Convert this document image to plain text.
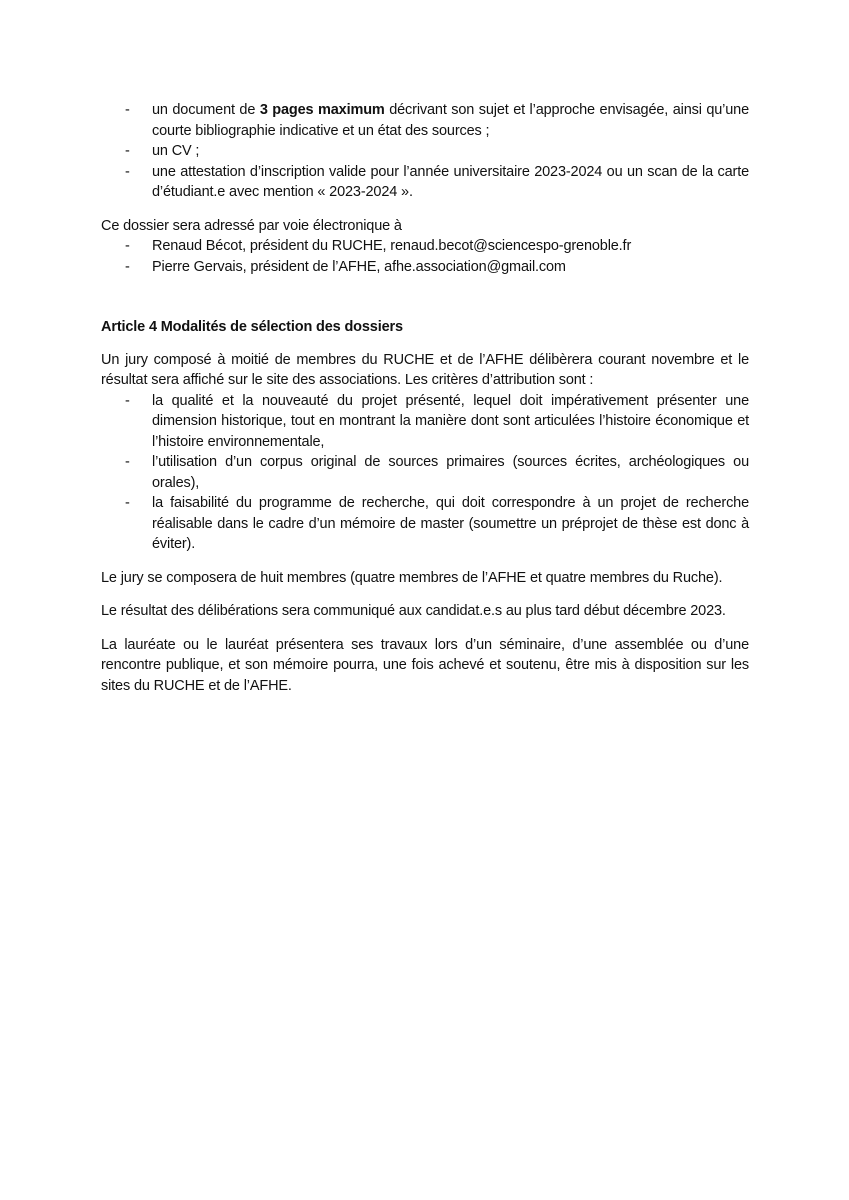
- un document de 3 pages maximum décrivant son sujet et l’approche envisagée, ainsi qu’une courte bibliographie indicative et un état des sources ;
- un CV ;
- une attestation d’inscription valide pour l’année universitaire 2023-2024 ou un scan de la carte d’étudiant.e avec mention « 2023-2024 ».

Ce dossier sera adressé par voie électronique à

- Renaud Bécot, président du RUCHE, renaud.becot@sciencespo-grenoble.fr
- Pierre Gervais, président de l’AFHE, afhe.association@gmail.com

Article 4 Modalités de sélection des dossiers

Un jury composé à moitié de membres du RUCHE et de l’AFHE délibèrera courant novembre et le résultat sera affiché sur le site des associations. Les critères d’attribution sont :

- la qualité et la nouveauté du projet présenté, lequel doit impérativement présenter une dimension historique, tout en montrant la manière dont sont articulées l’histoire économique et l’histoire environnementale,
- l’utilisation d’un corpus original de sources primaires (sources écrites, archéologiques ou orales),
- la faisabilité du programme de recherche, qui doit correspondre à un projet de recherche réalisable dans le cadre d’un mémoire de master (soumettre un préprojet de thèse est donc à éviter).

Le jury se composera de huit membres (quatre membres de l’AFHE et quatre membres du Ruche).

Le résultat des délibérations sera communiqué aux candidat.e.s au plus tard début décembre 2023.

La lauréate ou le lauréat présentera ses travaux lors d’un séminaire, d’une assemblée ou d’une rencontre publique, et son mémoire pourra, une fois achevé et soutenu, être mis à disposition sur les sites du RUCHE et de l’AFHE.
